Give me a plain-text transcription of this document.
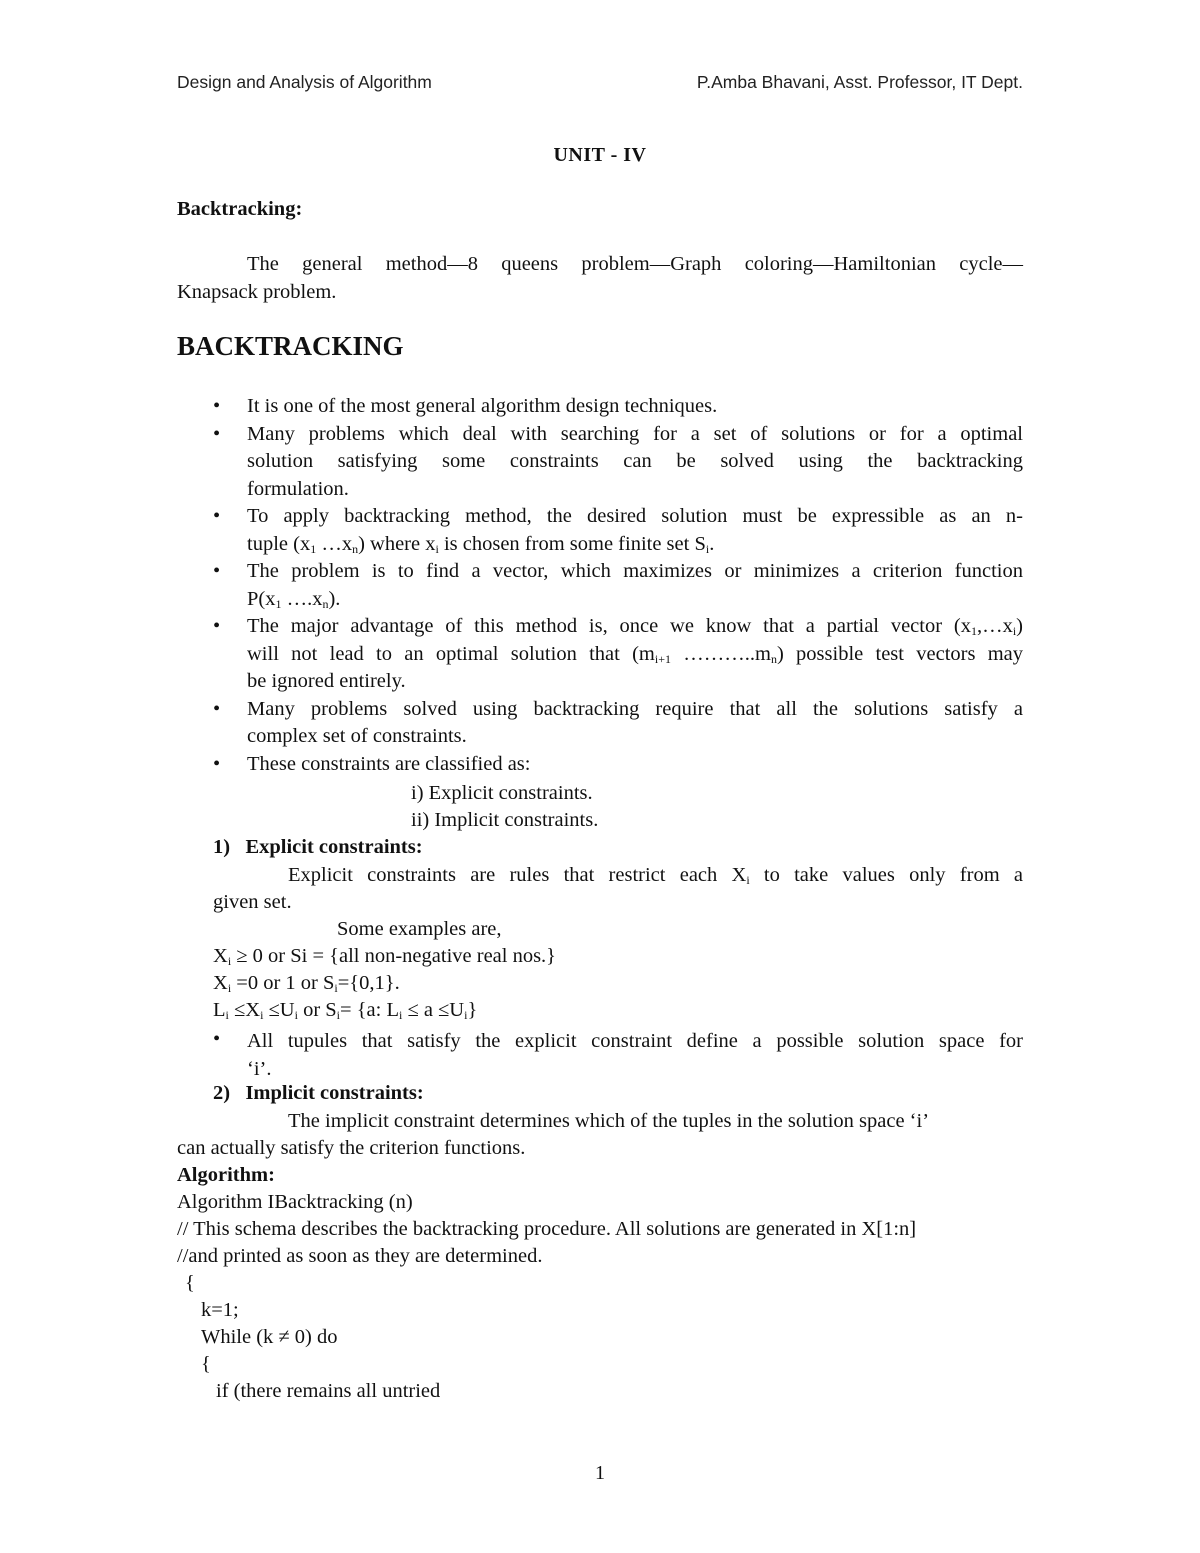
Design and Analysis of Algorithm	P.Amba Bhavani, Asst. Professor, IT Dept.
UNIT - IV
Backtracking:
The general method—8 queens problem—Graph coloring—Hamiltonian cycle—
Knapsack problem.
BACKTRACKING
• It is one of the most general algorithm design techniques.
• Many problems which deal with searching for a set of solutions or for a optimal
solution satisfying some constraints can be solved using the backtracking
formulation.
• To apply backtracking method, the desired solution must be expressible as an n-
tuple ($x_1$ $\dots x_n$) where $x_i$ is chosen from some finite set $S_i$.
• The problem is to find a vector, which maximizes or minimizes a criterion function
$P(x_1$ $\dots.x_n$).
• The major advantage of this method is, once we know that a partial vector $(x_1,\dots x_i)$
will not lead to an optimal solution that ($m_{i+1}$ $\dots\dots\dots..m_n$) possible test vectors may
be ignored entirely.
• Many problems solved using backtracking require that all the solutions satisfy a
complex set of constraints.
• These constraints are classified as:
i) Explicit constraints.
ii) Implicit constraints.
1)   Explicit constraints:
Explicit constraints are rules that restrict each $X_i$ to take values only from a
given set.
Some examples are,
$X_i \ge 0$ or Si = {all non-negative real nos.}
$X_i =0$ or 1 or $S_i=\{0,1\}$.
$L_i \le X_i \le U_i$ or $S_i= \{a$: $L_i \le a \le U_i$}
• All tupules that satisfy the explicit constraint define a possible solution space for
‘i’.
2)   Implicit constraints:
The implicit constraint determines which of the tuples in the solution space ‘i’
can actually satisfy the criterion functions.
Algorithm:
Algorithm IBacktracking (n)
// This schema describes the backtracking procedure. All solutions are generated in X[1:n]
//and printed as soon as they are determined.
{
k=1;
While (k ≠ 0) do
{
if (there remains all untried
1
